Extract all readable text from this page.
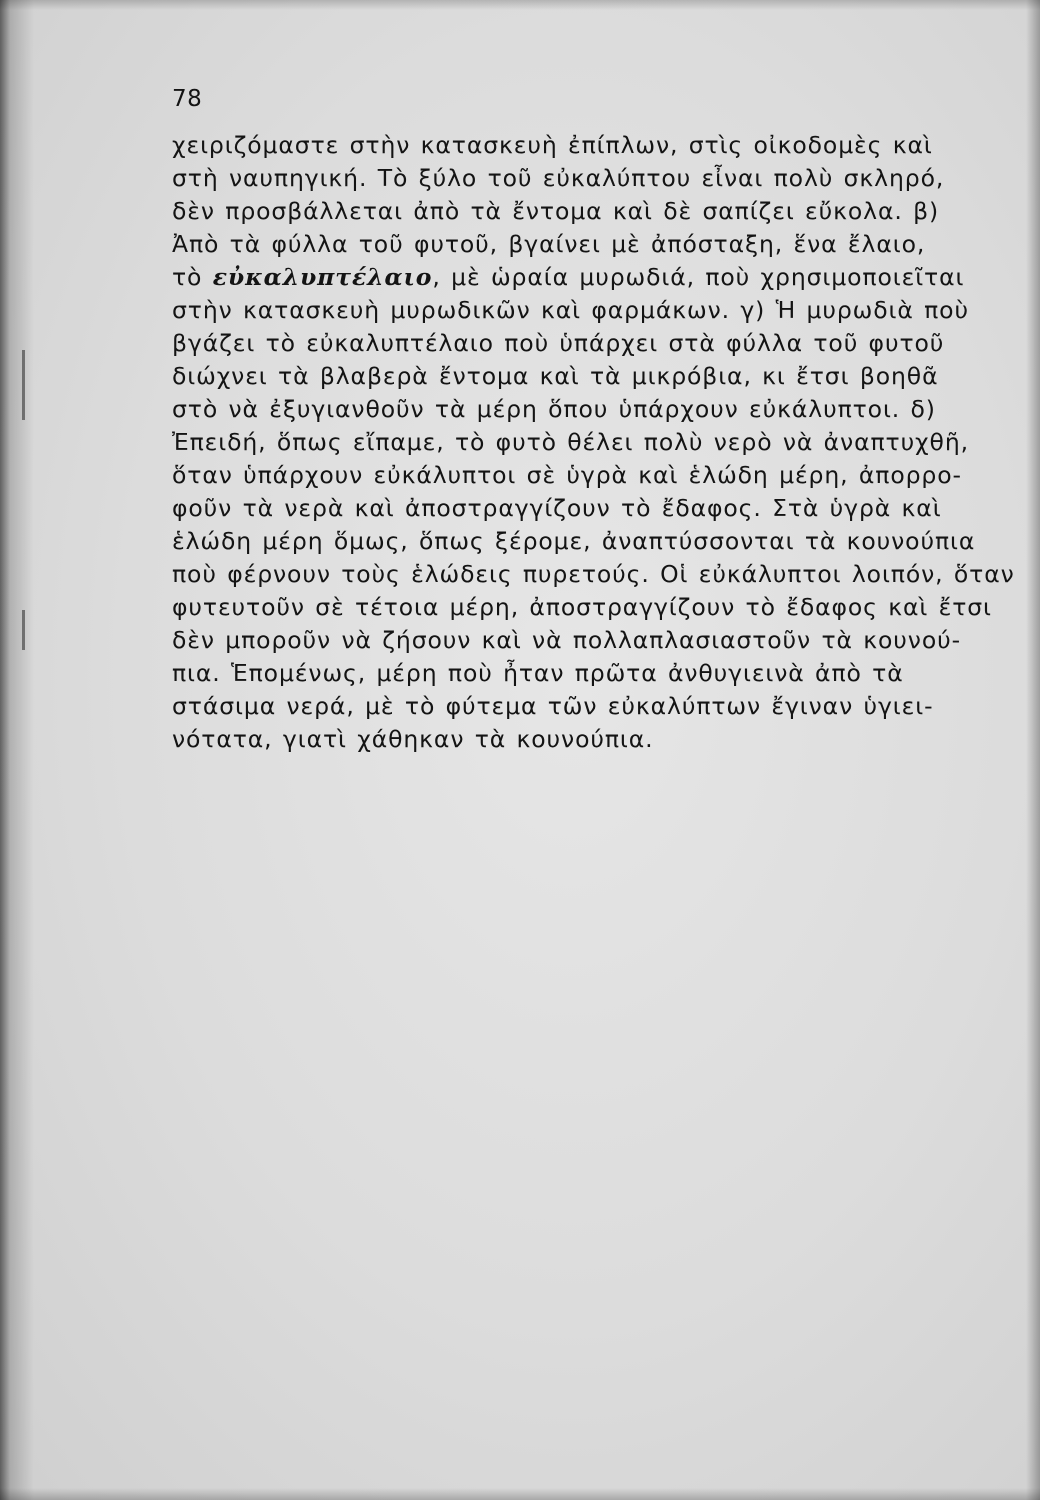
78
χειριζόμαστε στὴν κατασκευὴ ἐπίπλων, στὶς οἰκοδομὲς καὶ
στὴ ναυπηγική. Τὸ ξύλο τοῦ εὐκαλύπτου εἶναι πολὺ σκληρό,
δὲν προσβάλλεται ἀπὸ τὰ ἔντομα καὶ δὲ σαπίζει εὔκολα. β)
Ἀπὸ τὰ φύλλα τοῦ φυτοῦ, βγαίνει μὲ ἀπόσταξη, ἕνα ἔλαιο,
τὸ εὐκαλυπτέλαιο, μὲ ὡραία μυρωδιά, ποὺ χρησιμοποιεῖται
στὴν κατασκευὴ μυρωδικῶν καὶ φαρμάκων. γ) Ἡ μυρωδιὰ ποὺ
βγάζει τὸ εὐκαλυπτέλαιο ποὺ ὑπάρχει στὰ φύλλα τοῦ φυτοῦ
διώχνει τὰ βλαβερὰ ἔντομα καὶ τὰ μικρόβια, κι ἔτσι βοηθᾶ
στὸ νὰ ἐξυγιανθοῦν τὰ μέρη ὅπου ὑπάρχουν εὐκάλυπτοι. δ)
Ἐπειδή, ὅπως εἴπαμε, τὸ φυτὸ θέλει πολὺ νερὸ νὰ ἀναπτυχθῆ,
ὅταν ὑπάρχουν εὐκάλυπτοι σὲ ὑγρὰ καὶ ἑλώδη μέρη, ἀπορρο-
φοῦν τὰ νερὰ καὶ ἀποστραγγίζουν τὸ ἔδαφος. Στὰ ὑγρὰ καὶ
ἑλώδη μέρη ὅμως, ὅπως ξέρομε, ἀναπτύσσονται τὰ κουνούπια
ποὺ φέρνουν τοὺς ἑλώδεις πυρετούς. Οἱ εὐκάλυπτοι λοιπόν, ὅταν
φυτευτοῦν σὲ τέτοια μέρη, ἀποστραγγίζουν τὸ ἔδαφος καὶ ἔτσι
δὲν μποροῦν νὰ ζήσουν καὶ νὰ πολλαπλασιαστοῦν τὰ κουνού-
πια. Ἑπομένως, μέρη ποὺ ἦταν πρῶτα ἀνθυγιεινὰ ἀπὸ τὰ
στάσιμα νερά, μὲ τὸ φύτεμα τῶν εὐκαλύπτων ἔγιναν ὑγιει-
νότατα, γιατὶ χάθηκαν τὰ κουνούπια.
